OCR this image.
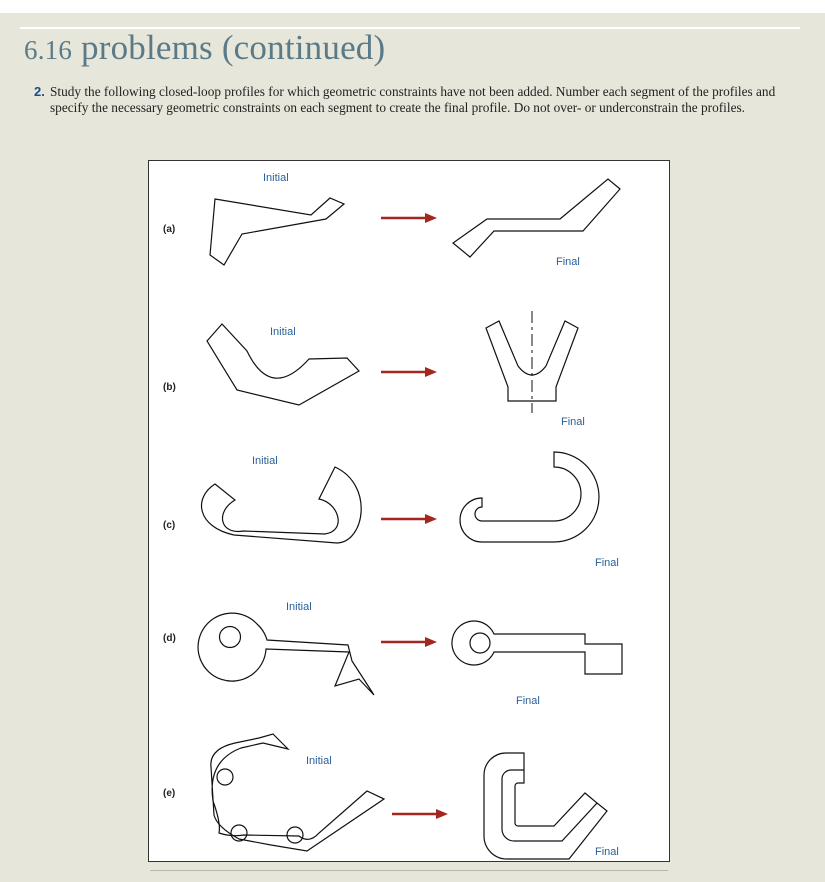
6.16 problems (continued)
2. Study the following closed-loop profiles for which geometric constraints have not been added. Number each segment of the profiles and specify the necessary geometric constraints on each segment to create the final profile. Do not over- or underconstrain the profiles.
Initial
(a)
Final
Initial
(b)
Final
Initial
(c)
Final
Initial
(d)
Final
Initial
(e)
Final
